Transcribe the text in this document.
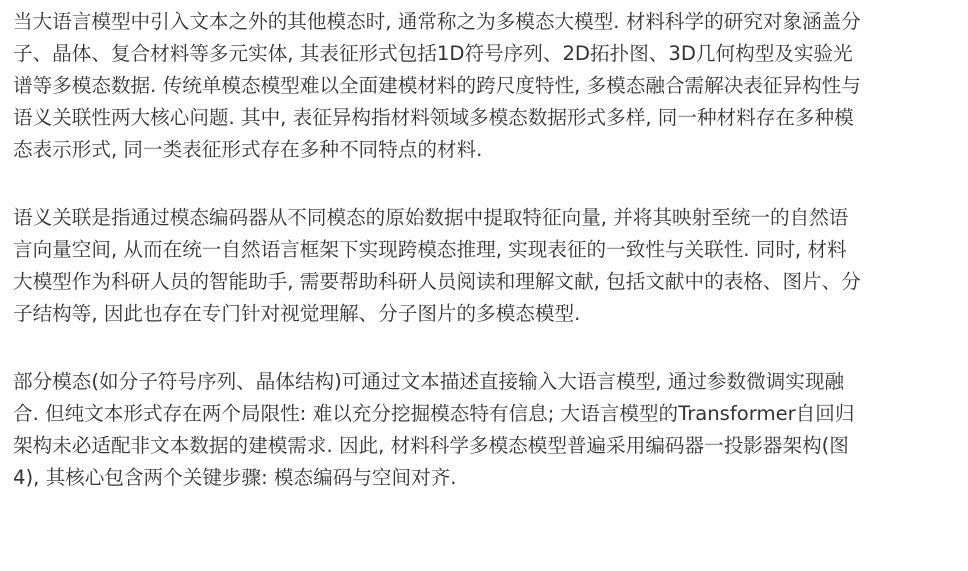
当大语言模型中引入文本之外的其他模态时, 通常称之为多模态大模型. 材料科学的研究对象涵盖分
子、晶体、复合材料等多元实体, 其表征形式包括1D符号序列、2D拓扑图、3D几何构型及实验光
谱等多模态数据. 传统单模态模型难以全面建模材料的跨尺度特性, 多模态融合需解决表征异构性与
语义关联性两大核心问题. 其中, 表征异构指材料领域多模态数据形式多样, 同一种材料存在多种模
态表示形式, 同一类表征形式存在多种不同特点的材料.
语义关联是指通过模态编码器从不同模态的原始数据中提取特征向量, 并将其映射至统一的自然语
言向量空间, 从而在统一自然语言框架下实现跨模态推理, 实现表征的一致性与关联性. 同时, 材料
大模型作为科研人员的智能助手, 需要帮助科研人员阅读和理解文献, 包括文献中的表格、图片、分
子结构等, 因此也存在专门针对视觉理解、分子图片的多模态模型.
部分模态(如分子符号序列、晶体结构)可通过文本描述直接输入大语言模型, 通过参数微调实现融
合. 但纯文本形式存在两个局限性: 难以充分挖掘模态特有信息; 大语言模型的Transformer自回归
架构未必适配非文本数据的建模需求. 因此, 材料科学多模态模型普遍采用编码器一投影器架构(图
4), 其核心包含两个关键步骤: 模态编码与空间对齐.
